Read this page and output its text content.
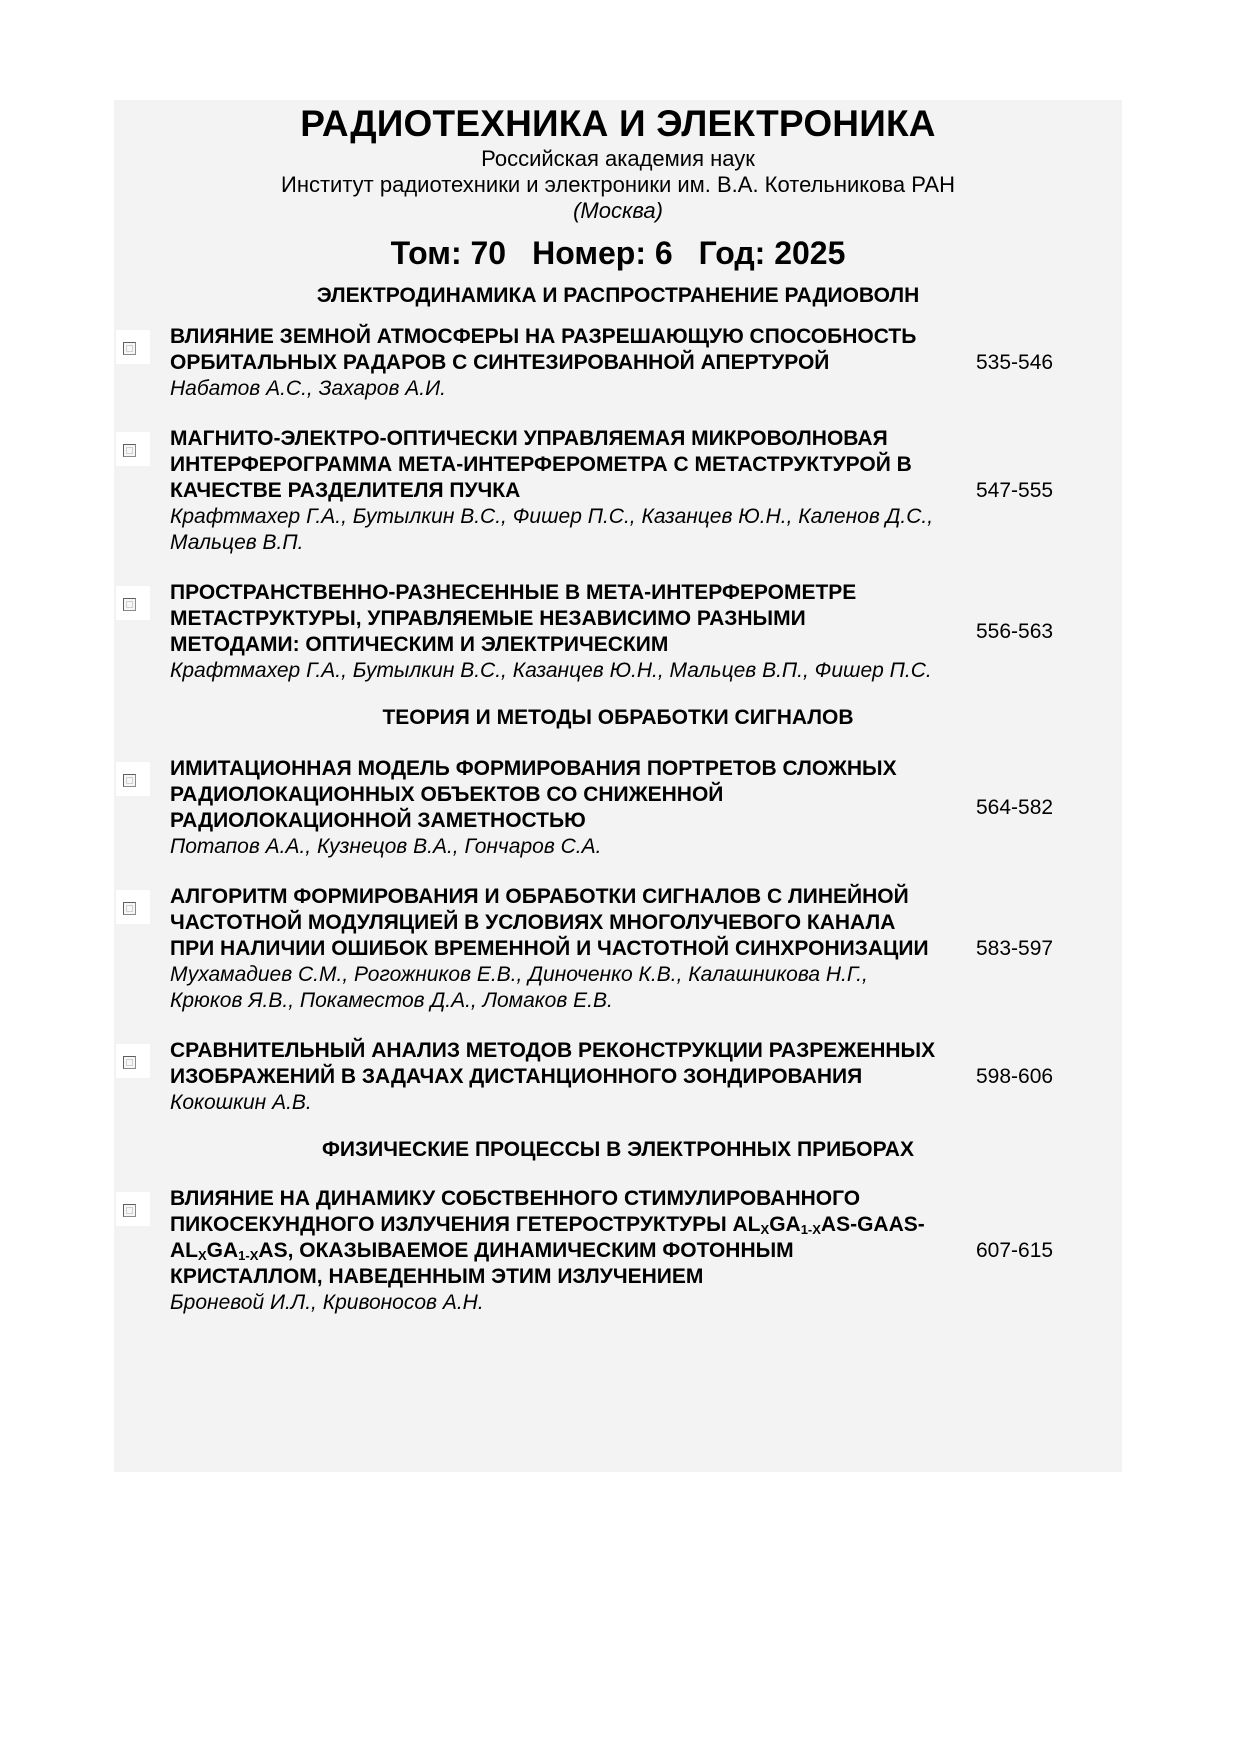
РАДИОТЕХНИКА И ЭЛЕКТРОНИКА
Российская академия наук
Институт радиотехники и электроники им. В.А. Котельникова РАН
(Москва)
Том: 70 Номер: 6 Год: 2025
ЭЛЕКТРОДИНАМИКА И РАСПРОСТРАНЕНИЕ РАДИОВОЛН
ВЛИЯНИЕ ЗЕМНОЙ АТМОСФЕРЫ НА РАЗРЕШАЮЩУЮ СПОСОБНОСТЬ ОРБИТАЛЬНЫХ РАДАРОВ С СИНТЕЗИРОВАННОЙ АПЕРТУРОЙ
Набатов А.С., Захаров А.И.
535-546
МАГНИТО-ЭЛЕКТРО-ОПТИЧЕСКИ УПРАВЛЯЕМАЯ МИКРОВОЛНОВАЯ ИНТЕРФЕРОГРАММА МЕТА-ИНТЕРФЕРОМЕТРА С МЕТАСТРУКТУРОЙ В КАЧЕСТВЕ РАЗДЕЛИТЕЛЯ ПУЧКА
Крафтмахер Г.А., Бутылкин В.С., Фишер П.С., Казанцев Ю.Н., Каленов Д.С., Мальцев В.П.
547-555
ПРОСТРАНСТВЕННО-РАЗНЕСЕННЫЕ В МЕТА-ИНТЕРФЕРОМЕТРЕ МЕТАСТРУКТУРЫ, УПРАВЛЯЕМЫЕ НЕЗАВИСИМО РАЗНЫМИ МЕТОДАМИ: ОПТИЧЕСКИМ И ЭЛЕКТРИЧЕСКИМ
Крафтмахер Г.А., Бутылкин В.С., Казанцев Ю.Н., Мальцев В.П., Фишер П.С.
556-563
ТЕОРИЯ И МЕТОДЫ ОБРАБОТКИ СИГНАЛОВ
ИМИТАЦИОННАЯ МОДЕЛЬ ФОРМИРОВАНИЯ ПОРТРЕТОВ СЛОЖНЫХ РАДИОЛОКАЦИОННЫХ ОБЪЕКТОВ СО СНИЖЕННОЙ РАДИОЛОКАЦИОННОЙ ЗАМЕТНОСТЬЮ
Потапов А.А., Кузнецов В.А., Гончаров С.А.
564-582
АЛГОРИТМ ФОРМИРОВАНИЯ И ОБРАБОТКИ СИГНАЛОВ С ЛИНЕЙНОЙ ЧАСТОТНОЙ МОДУЛЯЦИЕЙ В УСЛОВИЯХ МНОГОЛУЧЕВОГО КАНАЛА ПРИ НАЛИЧИИ ОШИБОК ВРЕМЕННОЙ И ЧАСТОТНОЙ СИНХРОНИЗАЦИИ
Мухамадиев С.М., Рогожников Е.В., Диноченко К.В., Калашникова Н.Г., Крюков Я.В., Покаместов Д.А., Ломаков Е.В.
583-597
СРАВНИТЕЛЬНЫЙ АНАЛИЗ МЕТОДОВ РЕКОНСТРУКЦИИ РАЗРЕЖЕННЫХ ИЗОБРАЖЕНИЙ В ЗАДАЧАХ ДИСТАНЦИОННОГО ЗОНДИРОВАНИЯ
Кокошкин А.В.
598-606
ФИЗИЧЕСКИЕ ПРОЦЕССЫ В ЭЛЕКТРОННЫХ ПРИБОРАХ
ВЛИЯНИЕ НА ДИНАМИКУ СОБСТВЕННОГО СТИМУЛИРОВАННОГО ПИКОСЕКУНДНОГО ИЗЛУЧЕНИЯ ГЕТЕРОСТРУКТУРЫ $AL_XGA_{1-X}AS-GAAS-AL_XGA_{1-X}AS$, ОКАЗЫВАЕМОЕ ДИНАМИЧЕСКИМ ФОТОННЫМ КРИСТАЛЛОМ, НАВЕДЕННЫМ ЭТИМ ИЗЛУЧЕНИЕМ
Броневой И.Л., Кривоносов А.Н.
607-615
